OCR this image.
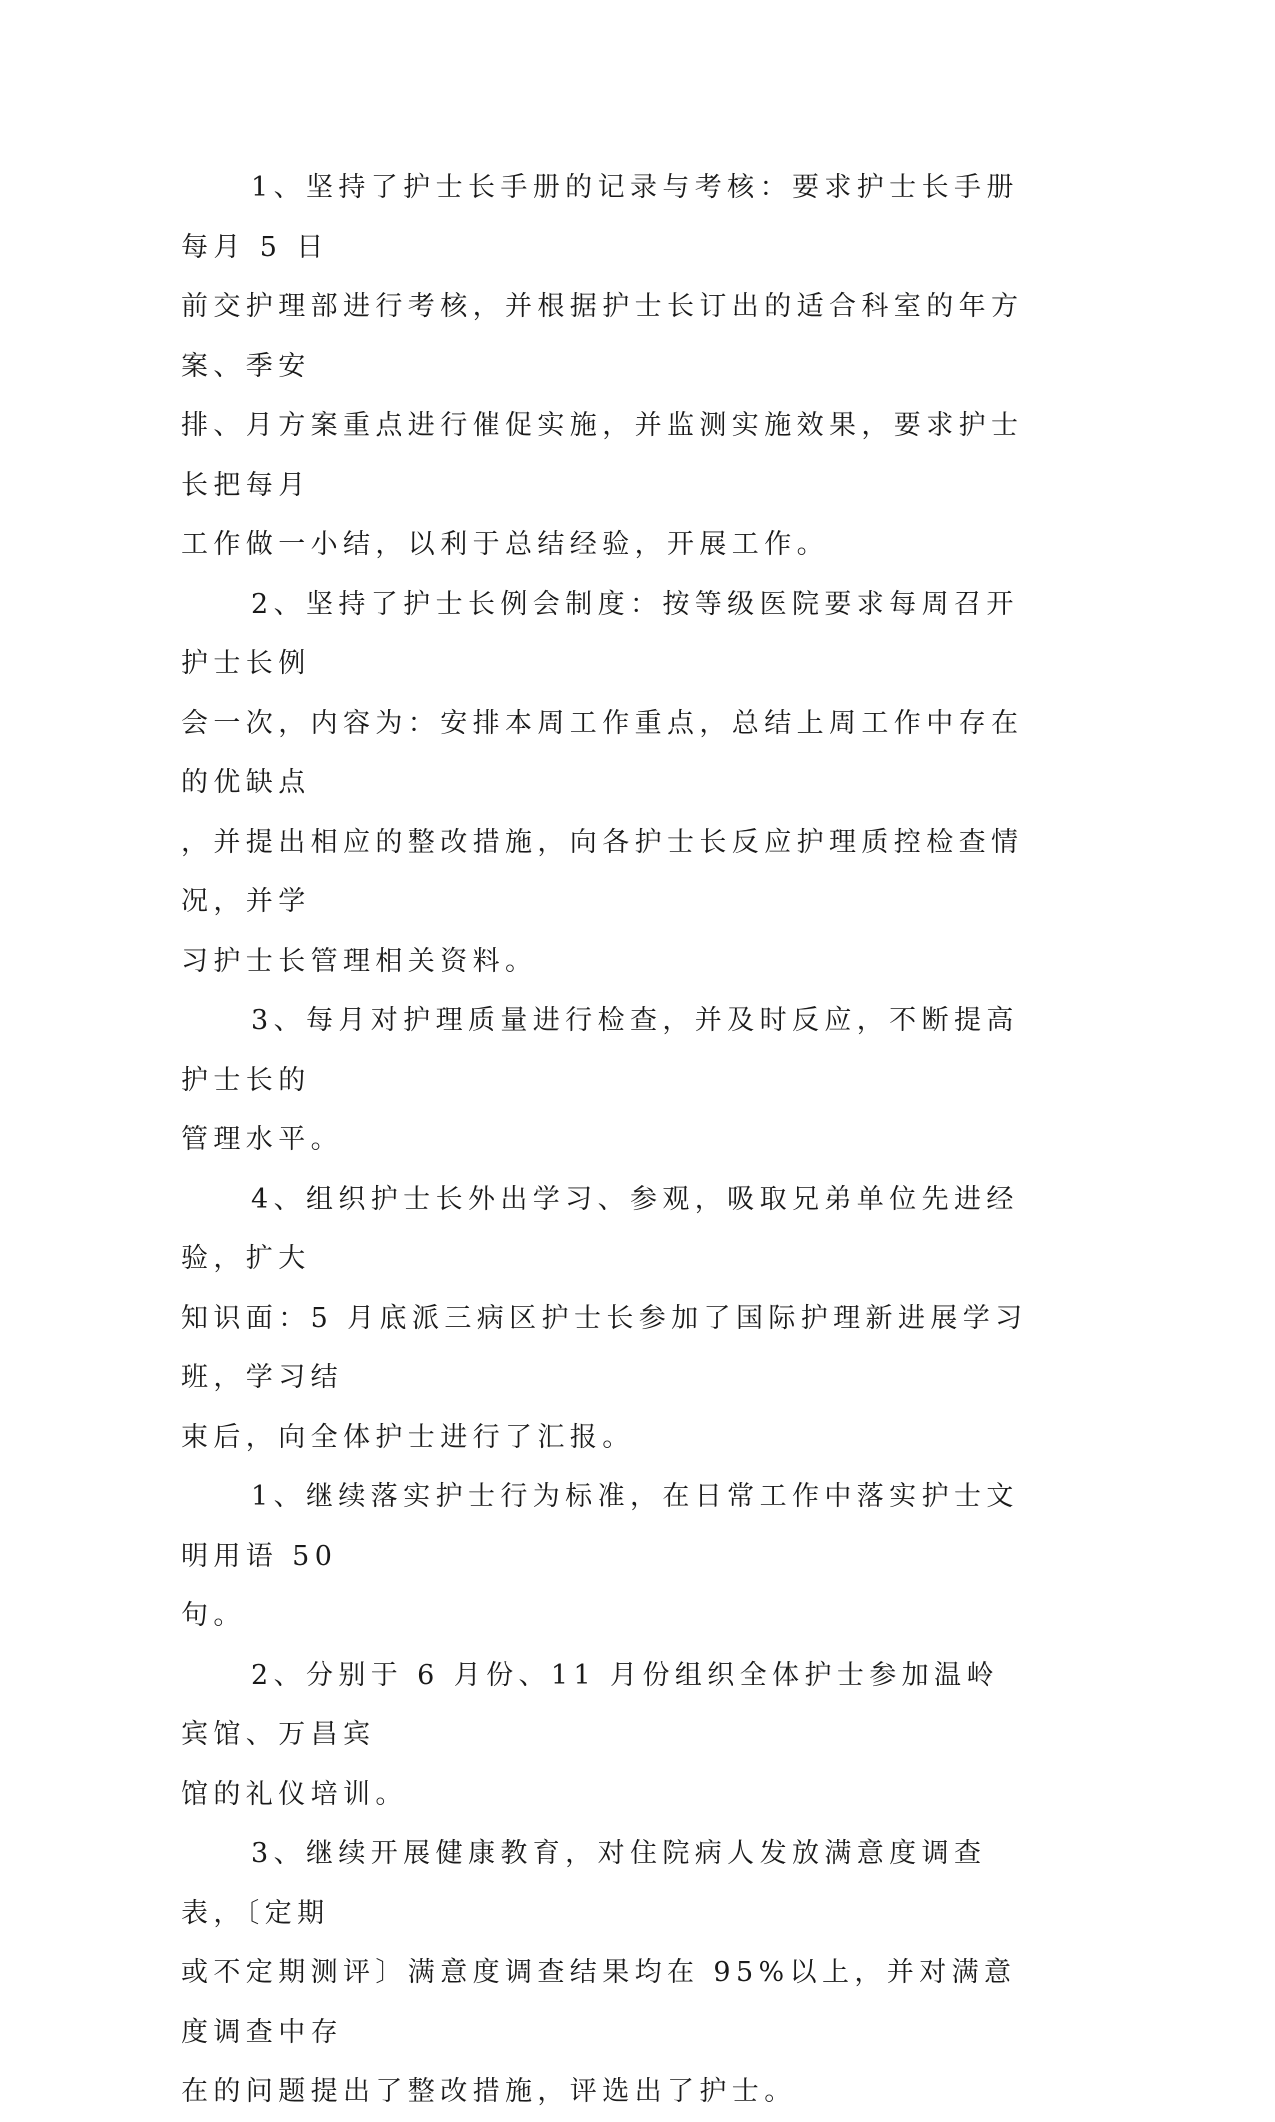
1、坚持了护士长手册的记录与考核：要求护士长手册每月 5 日
前交护理部进行考核，并根据护士长订出的适合科室的年方案、季安
排、月方案重点进行催促实施，并监测实施效果，要求护士长把每月
工作做一小结，以利于总结经验，开展工作。

2、坚持了护士长例会制度：按等级医院要求每周召开护士长例
会一次，内容为：安排本周工作重点，总结上周工作中存在的优缺点
，并提出相应的整改措施，向各护士长反应护理质控检查情况，并学
习护士长管理相关资料。

3、每月对护理质量进行检查，并及时反应，不断提高护士长的
管理水平。

4、组织护士长外出学习、参观，吸取兄弟单位先进经验，扩大
知识面：5 月底派三病区护士长参加了国际护理新进展学习班，学习结
束后，向全体护士进行了汇报。

1、继续落实护士行为标准，在日常工作中落实护士文明用语 50
句。

2、分别于 6 月份、11 月份组织全体护士参加温岭宾馆、万昌宾
馆的礼仪培训。

3、继续开展健康教育，对住院病人发放满意度调查表，〔定期
或不定期测评〕满意度调查结果均在 95%以上，并对满意度调查中存
在的问题提出了整改措施，评选出了护士。
